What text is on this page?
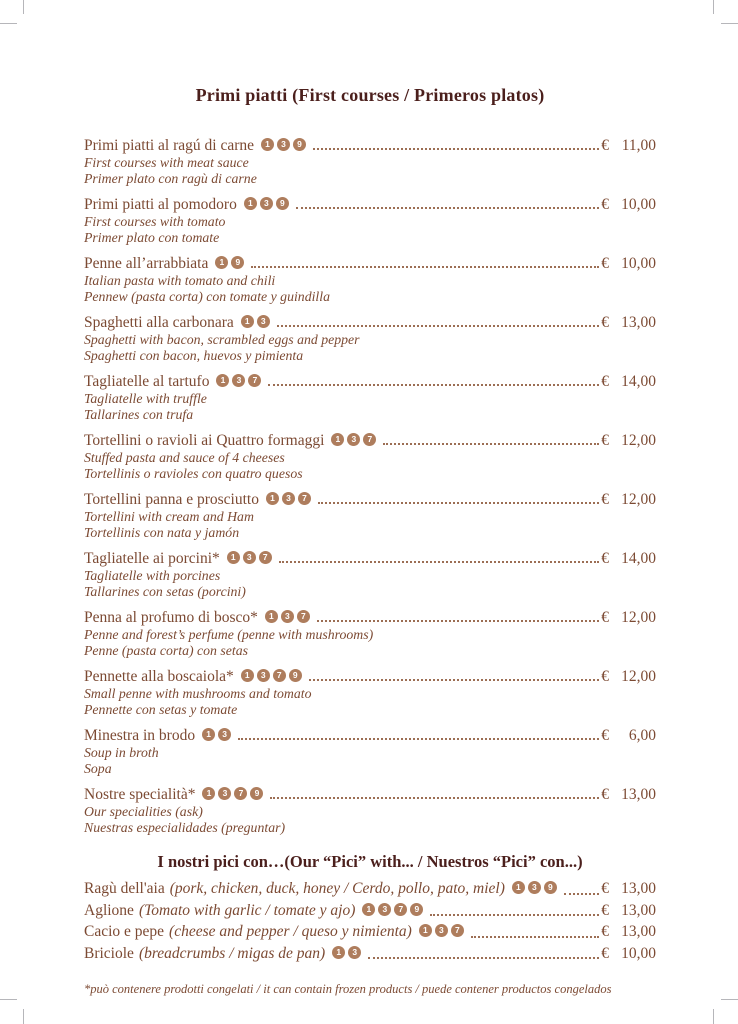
Primi piatti (First courses / Primeros platos)
Primi piatti al ragú di carne	1	3	9	€ 11,00
First courses with meat sauce
Primer plato con ragù di carne
Primi piatti al pomodoro	1	3	9	€ 10,00
First courses with tomato
Primer plato con tomate
Penne all’arrabbiata	1	9	€ 10,00
Italian pasta with tomato and chili
Pennew (pasta corta) con tomate y guindilla
Spaghetti alla carbonara	1	3	€ 13,00
Spaghetti with bacon, scrambled eggs and pepper
Spaghetti con bacon, huevos y pimienta
Tagliatelle al tartufo	1	3	7	€ 14,00
Tagliatelle with truffle
Tallarines con trufa
Tortellini o ravioli ai Quattro formaggi	1	3	7	€ 12,00
Stuffed pasta and sauce of 4 cheeses
Tortellinis o ravioles con quatro quesos
Tortellini panna e prosciutto	1	3	7	€ 12,00
Tortellini with cream and Ham
Tortellinis con nata y jamón
Tagliatelle ai porcini*	1	3	7	€ 14,00
Tagliatelle with porcines
Tallarines con setas (porcini)
Penna al profumo di bosco*	1	3	7	€ 12,00
Penne and forest’s perfume (penne with mushrooms)
Penne (pasta corta) con setas
Pennette alla boscaiola*	1	3	7	9	€ 12,00
Small penne with mushrooms and tomato
Pennette con setas y tomate
Minestra in brodo	1	3	€	6,00
Soup in broth
Sopa
Nostre specialità*	1	3	7	9	€ 13,00
Our specialities (ask)
Nuestras especialidades (preguntar)
I nostri pici con…(Our “Pici” with... / Nuestros “Pici” con...)
Ragù dell'aia (pork, chicken, duck, honey / Cerdo, pollo, pato, miel)	1	3	9	€ 13,00
Aglione (Tomato with garlic / tomate y ajo)	1	3	7	9	€ 13,00
Cacio e pepe (cheese and pepper / queso y nimienta)	1	3	7	€ 13,00
Briciole (breadcrumbs / migas de pan)	1	3	€ 10,00
*può contenere prodotti congelati / it can contain frozen products / puede contener productos congelados
